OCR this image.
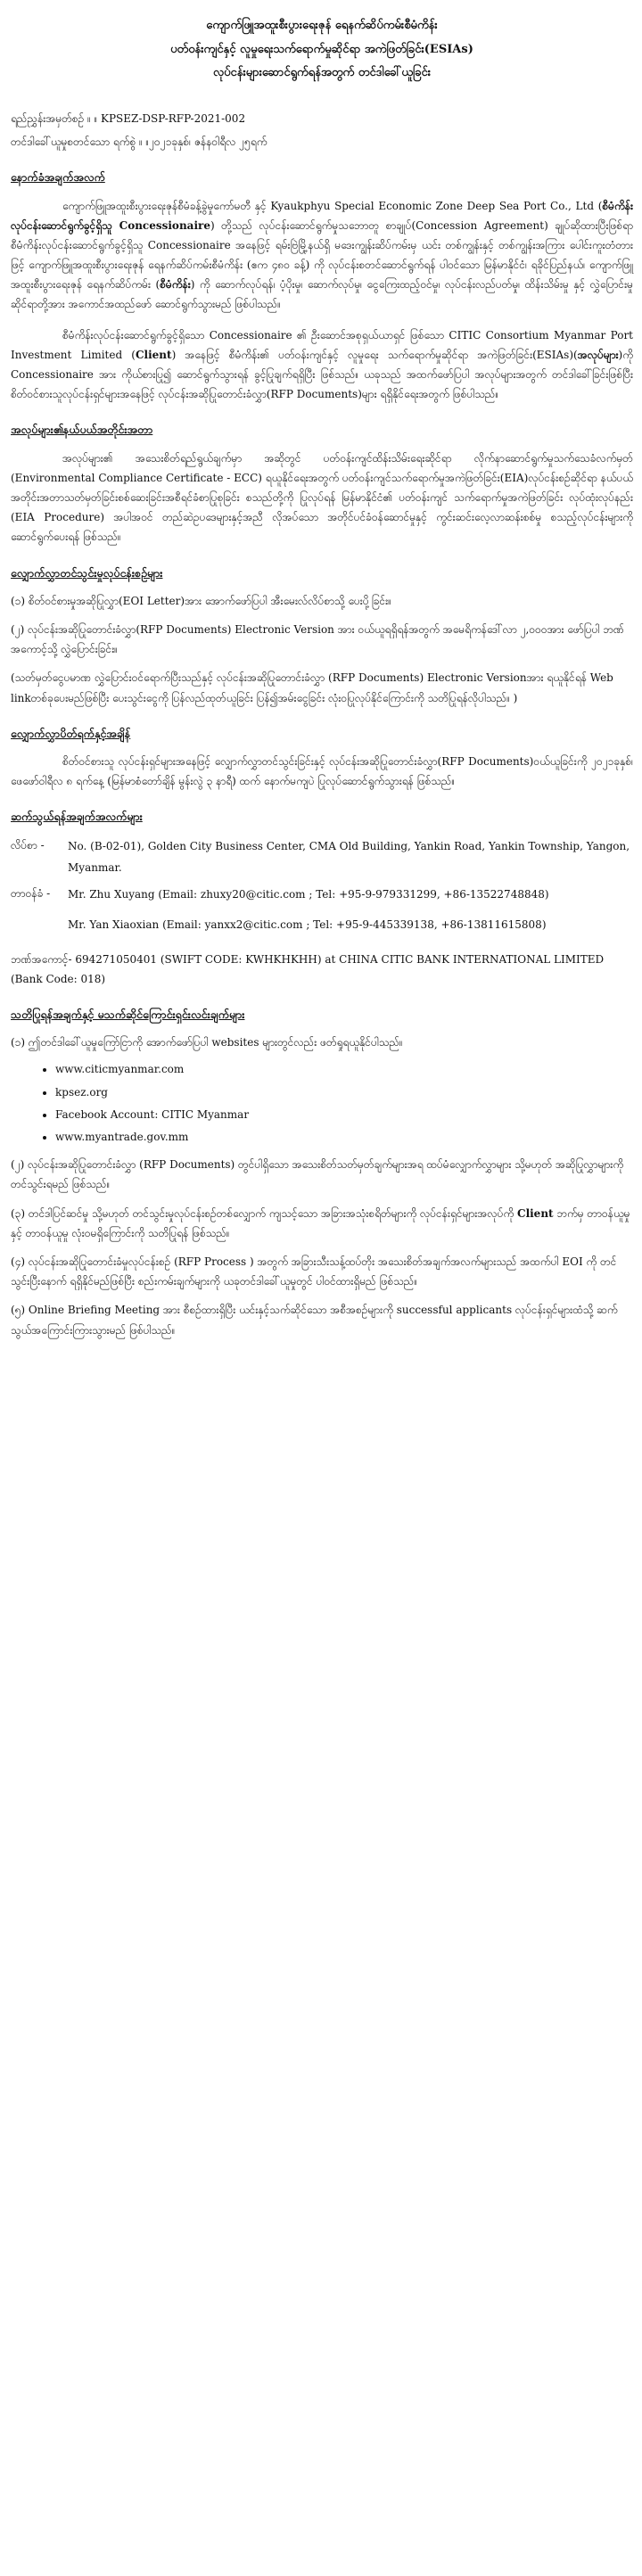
ကျောက်ဖြူအထူးစီးပွားရေးဇုန် ရေနက်ဆိပ်ကမ်းစီမံကိန်း
ပတ်ဝန်းကျင်နှင့် လူမှုရေးသက်ရောက်မှုဆိုင်ရာ အကဲဖြတ်ခြင်း(ESIAs)
လုပ်ငန်းများဆောင်ရွက်ရန်အတွက် တင်ဒါခေါ်ယူခြင်း

ရည်ညွှန်းအမှတ်စဉ် ။ ။ KPSEZ-DSP-RFP-2021-002

တင်ဒါခေါ်ယူမှုစတင်သော ရက်စွဲ ။ ။၂၀၂၁ခုနှစ်၊ ဇန်နဝါရီလ ၂၅ရက်

နောက်ခံအချက်အလက်

ကျောက်ဖြူအထူးစီးပွားရေးဇုန်စီမံခန့်ခွဲမှုကော်မတီ နှင့် Kyaukphyu Special Economic Zone Deep Sea Port Co., Ltd (စီမံကိန်းလုပ်ငန်းဆောင်ရွက်ခွင့်ရှိသူ Concessionaire) တို့သည် လုပ်ငန်းဆောင်ရွက်မှုသဘောတူ စာချုပ်(Concession Agreement) ချုပ်ဆိုထားပြီးဖြစ်ရာ စီမံကိန်းလုပ်ငန်းဆောင်ရွက်ခွင့်ရှိသူ Concessionaire အနေဖြင့် ရမ်းဗြဲမြို့နယ်ရှိ မဒေးကျွန်းဆိပ်ကမ်းမှ ယင်း တစ်ကျွန်းနှင့် တစ်ကျွန်းအကြား ပေါင်းကူးတံတားဖြင့် ကျောက်ဖြူအထူးစီးပွားရေးဇုန် ရေနက်ဆိပ်ကမ်းစီမံကိန်း (ဧက ၄၈၀ ခန့်) ကို လုပ်ငန်းစတင်ဆောင်ရွက်ရန် ပါဝင်သော မြန်မာနိုင်ငံ၊ ရခိုင်ပြည်နယ်၊ ကျောက်ဖြူ အထူးစီးပွားရေးဇုန် ရေနက်ဆိပ်ကမ်း (စီမံကိန်း) ကို ဆောက်လုပ်ရန်၊ ပံ့ပိုးမှု၊ ဆောက်လုပ်မှု၊ ငွေကြေးထည့်ဝင်မှု၊ လုပ်ငန်းလည်ပတ်မှု၊ ထိန်းသိမ်းမှု နှင့် လွှဲပြောင်းမှု ဆိုင်ရာတို့အား အကောင်အထည်ဖော် ဆောင်ရွက်သွားမည် ဖြစ်ပါသည်။

စီမံကိန်းလုပ်ငန်းဆောင်ရွက်ခွင့်ရှိသော Concessionaire ၏ ဦးဆောင်အစုရှယ်ယာရှင် ဖြစ်သော CITIC Consortium Myanmar Port Investment Limited (Client) အနေဖြင့် စီမံကိန်း၏ ပတ်ဝန်းကျင်နှင့် လူမှုရေး သက်ရောက်မှုဆိုင်ရာ အကဲဖြတ်ခြင်း(ESIAs)(အလုပ်များ)ကို Concessionaire အား ကိုယ်စားပြု၍ ဆောင်ရွက်သွားရန် ခွင့်ပြုချက်ရရှိပြီး ဖြစ်သည်။ ယခုသည် အထက်ဖော်ပြပါ အလုပ်များအတွက် တင်ဒါခေါ်ခြင်းဖြစ်ပြီး စိတ်ဝင်စားသူလုပ်ငန်းရှင်များအနေဖြင့် လုပ်ငန်းအဆိုပြုတောင်းခံလွှာ(RFP Documents)များ ရရှိနိုင်ရေးအတွက် ဖြစ်ပါသည်။

အလုပ်များ၏နယ်ပယ်အတိုင်းအတာ

အလုပ်များ၏ အသေးစိတ်ရည်ရွယ်ချက်မှာ အဆိုတွင် ပတ်ဝန်းကျင်ထိန်းသိမ်းရေးဆိုင်ရာ လိုက်နာဆောင်ရွက်မှုသက်သေခံလက်မှတ် (Environmental Compliance Certificate - ECC) ရယူနိုင်ရေးအတွက် ပတ်ဝန်းကျင်သက်ရောက်မှုအကဲဖြတ်ခြင်း(EIA)လုပ်ငန်းစဉ်ဆိုင်ရာ နယ်ပယ်အတိုင်းအတာသတ်မှတ်ခြင်းစစ်ဆေးခြင်းအစီရင်ခံစာပြုစုခြင်း စသည်တို့ကို ပြုလုပ်ရန် မြန်မာနိုင်ငံ၏ ပတ်ဝန်းကျင် သက်ရောက်မှုအကဲဖြတ်ခြင်း လုပ်ထုံးလုပ်နည်း (EIA Procedure) အပါအဝင် တည်ဆဲဥပဒေများနှင့်အညီ လိုအပ်သော အတိုင်ပင်ခံဝန်ဆောင်မှုနှင့် ကွင်းဆင်းလေ့လာဆန်းစစ်မှု စသည့်လုပ်ငန်းများကို ဆောင်ရွက်ပေးရန် ဖြစ်သည်။

လျှောက်လွှာတင်သွင်းမှုလုပ်ငန်းစဉ်များ

(၁) စိတ်ဝင်စားမှုအဆိုပြုလွှာ(EOI Letter)အား အောက်ဖော်ပြပါ အီးမေးလ်လိပ်စာသို့ ပေးပို့ခြင်း။

(၂) လုပ်ငန်းအဆိုပြုတောင်းခံလွှာ(RFP Documents) Electronic Version အား ဝယ်ယူရရှိရန်အတွက် အမေရိကန်ဒေါ်လာ ၂,၀၀၀အား ဖော်ပြပါ ဘဏ်အကောင့်သို့ လွှဲပြောင်းခြင်း။

(သတ်မှတ်ငွေပမာဏ လွှဲပြောင်းဝင်ရောက်ပြီးသည်နှင့် လုပ်ငန်းအဆိုပြုတောင်းခံလွှာ (RFP Documents) Electronic Versionအား ရယူနိုင်ရန် Web linkတစ်ခုပေးမည်ဖြစ်ပြီး ပေးသွင်းငွေကို ပြန်လည်ထုတ်ယူခြင်း ပြန်၍အမ်းငွေခြင်း လုံးဝပြုလုပ်နိုင်ကြောင်းကို သတိပြုရန်လိုပါသည်။ )

လျှောက်လွှာပိတ်ရက်နှင့်အချိန်

စိတ်ဝင်စားသူ လုပ်ငန်းရှင်များအနေဖြင့် လျှောက်လွှာတင်သွင်းခြင်းနှင့် လုပ်ငန်းအဆိုပြုတောင်းခံလွှာ(RFP Documents)ဝယ်ယူခြင်းကို ၂၀၂၁ခုနှစ်၊ ဖေဖော်ဝါရီလ ၈ ရက်နေ့ (မြန်မာစံတော်ချိန် မွန်းလွဲ ၃ နာရီ) ထက် နောက်မကျပဲ ပြုလုပ်ဆောင်ရွက်သွားရန် ဖြစ်သည်။

ဆက်သွယ်ရန်အချက်အလက်များ
လိပ်စာ -	No. (B-02-01), Golden City Business Center, CMA Old Building, Yankin Road, Yankin Township, Yangon, Myanmar.
တာဝန်ခံ -	Mr. Zhu Xuyang (Email: zhuxy20@citic.com ; Tel: +95-9-979331299, +86-13522748848)
Mr. Yan Xiaoxian (Email: yanxx2@citic.com ; Tel: +95-9-445339138, +86-13811615808)

ဘဏ်အကောင့်- 694271050401 (SWIFT CODE: KWHKHKHH) at CHINA CITIC BANK INTERNATIONAL LIMITED (Bank Code: 018)

သတိပြုရန်အချက်နှင့် မသက်ဆိုင်ကြောင်းရှင်းလင်းချက်များ

(၁) ဤတင်ဒါခေါ်ယူမှုကြော်ငြာကို အောက်ဖော်ပြပါ websites များတွင်လည်း ဖတ်ရှုရယူနိုင်ပါသည်။

• www.citicmyanmar.com
• kpsez.org
• Facebook Account: CITIC Myanmar
• www.myantrade.gov.mm

(၂) လုပ်ငန်းအဆိုပြုတောင်းခံလွှာ (RFP Documents) တွင်ပါရှိသော အသေးစိတ်သတ်မှတ်ချက်များအရ ထပ်မံလျှောက်လွှာများ သို့မဟုတ် အဆိုပြုလွှာများကို တင်သွင်းရမည် ဖြစ်သည်။

(၃) တင်ဒါပြင်ဆင်မှု သို့မဟုတ် တင်သွင်းမှုလုပ်ငန်းစဉ်တစ်လျှောက် ကျသင့်သော အခြားအသုံးစရိတ်များကို လုပ်ငန်းရှင်များအလုပ်ကို Client ဘက်မှ တာဝန်ယူမှုနှင့် တာဝန်ယူမှု လုံးဝမရှိကြောင်းကို သတိပြုရန် ဖြစ်သည်။

(၄) လုပ်ငန်းအဆိုပြုတောင်းခံမှုလုပ်ငန်းစဉ် (RFP Process ) အတွက် အခြားသီးသန့်ထပ်တိုး အသေးစိတ်အချက်အလက်များသည် အထက်ပါ EOI ကို တင်သွင်းပြီးနောက် ရရှိနိုင်မည်ဖြစ်ပြီး စည်းကမ်းချက်များကို ယခုတင်ဒါခေါ်ယူမှုတွင် ပါဝင်ထားရှိမည် ဖြစ်သည်။

(၅) Online Briefing Meeting အား စီစဉ်ထားရှိပြီး ယင်းနှင့်သက်ဆိုင်သော အစီအစဉ်များကို successful applicants လုပ်ငန်းရှင်များထံသို့ ဆက်သွယ်အကြောင်းကြားသွားမည် ဖြစ်ပါသည်။
